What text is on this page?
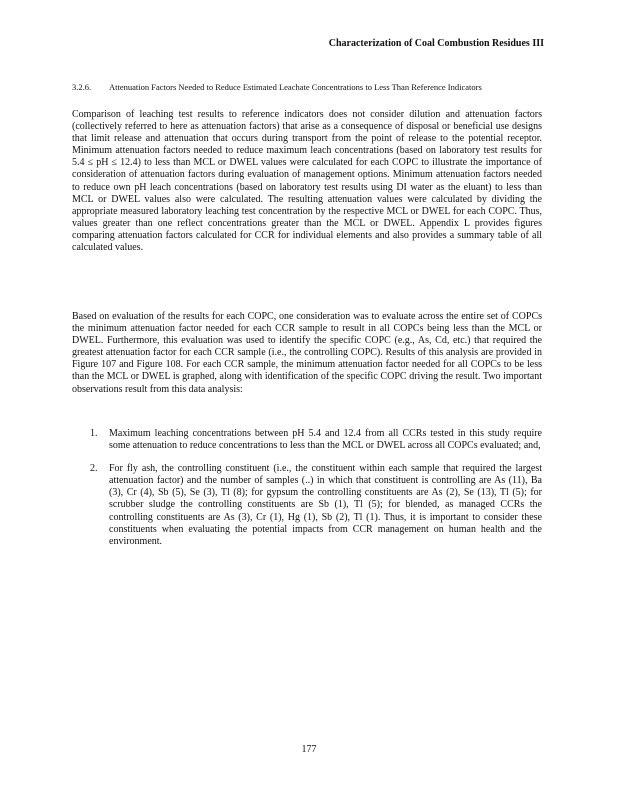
Characterization of Coal Combustion Residues III
3.2.6.	Attenuation Factors Needed to Reduce Estimated Leachate Concentrations to Less Than Reference Indicators

Comparison of leaching test results to reference indicators does not consider dilution and attenuation factors (collectively referred to here as attenuation factors) that arise as a consequence of disposal or beneficial use designs that limit release and attenuation that occurs during transport from the point of release to the potential receptor. Minimum attenuation factors needed to reduce maximum leach concentrations (based on laboratory test results for 5.4 ≤ pH ≤ 12.4) to less than MCL or DWEL values were calculated for each COPC to illustrate the importance of consideration of attenuation factors during evaluation of management options. Minimum attenuation factors needed to reduce own pH leach concentrations (based on laboratory test results using DI water as the eluant) to less than MCL or DWEL values also were calculated. The resulting attenuation values were calculated by dividing the appropriate measured laboratory leaching test concentration by the respective MCL or DWEL for each COPC. Thus, values greater than one reflect concentrations greater than the MCL or DWEL. Appendix L provides figures comparing attenuation factors calculated for CCR for individual elements and also provides a summary table of all calculated values.

Based on evaluation of the results for each COPC, one consideration was to evaluate across the entire set of COPCs the minimum attenuation factor needed for each CCR sample to result in all COPCs being less than the MCL or DWEL. Furthermore, this evaluation was used to identify the specific COPC (e.g., As, Cd, etc.) that required the greatest attenuation factor for each CCR sample (i.e., the controlling COPC). Results of this analysis are provided in Figure 107 and Figure 108. For each CCR sample, the minimum attenuation factor needed for all COPCs to be less than the MCL or DWEL is graphed, along with identification of the specific COPC driving the result. Two important observations result from this data analysis:

1. Maximum leaching concentrations between pH 5.4 and 12.4 from all CCRs tested in this study require some attenuation to reduce concentrations to less than the MCL or DWEL across all COPCs evaluated; and,
2. For fly ash, the controlling constituent (i.e., the constituent within each sample that required the largest attenuation factor) and the number of samples (..) in which that constituent is controlling are As (11), Ba (3), Cr (4), Sb (5), Se (3), Tl (8); for gypsum the controlling constituents are As (2), Se (13), Tl (5); for scrubber sludge the controlling constituents are Sb (1), Tl (5); for blended, as managed CCRs the controlling constituents are As (3), Cr (1), Hg (1), Sb (2), Tl (1). Thus, it is important to consider these constituents when evaluating the potential impacts from CCR management on human health and the environment.
177
